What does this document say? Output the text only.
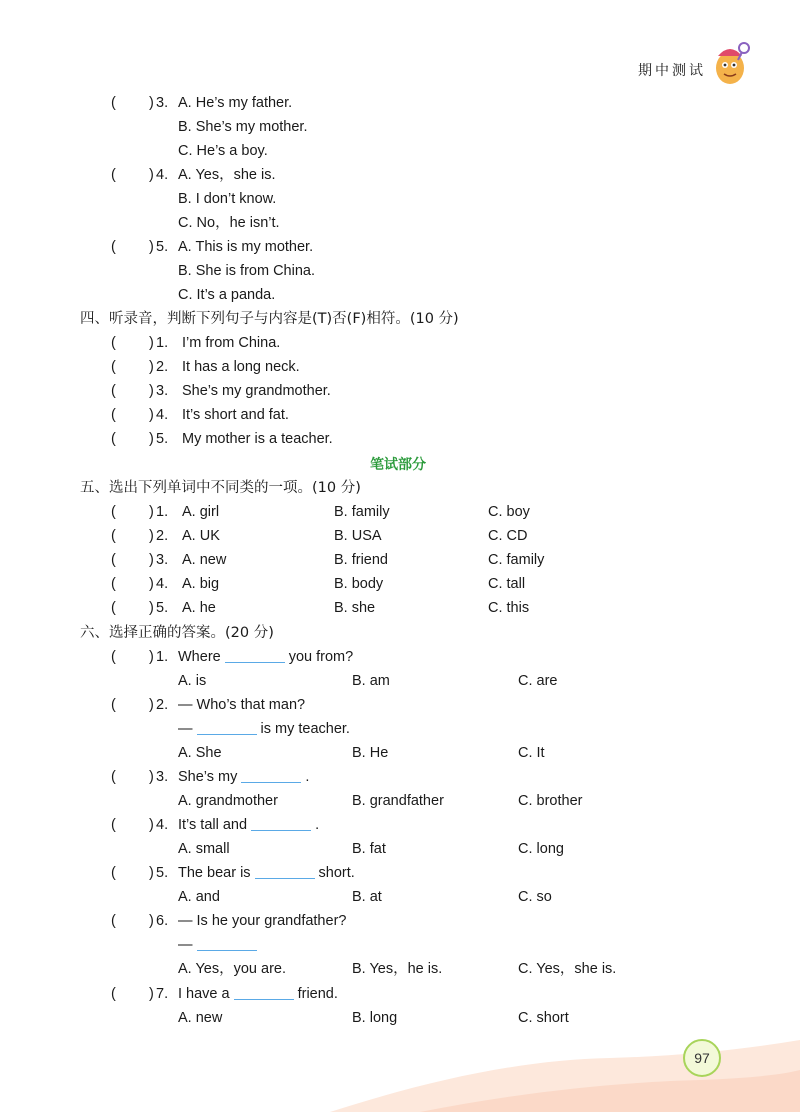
期中测试
( ) 3. A. He’s my father.
B. She’s my mother.
C. He’s a boy.
( ) 4. A. Yes，she is.
B. I don’t know.
C. No，he isn’t.
( ) 5. A. This is my mother.
B. She is from China.
C. It’s a panda.
四、听录音，判断下列句子与内容是(T)否(F)相符。(10 分)
( ) 1. I’m from China.
( ) 2. It has a long neck.
( ) 3. She’s my grandmother.
( ) 4. It’s short and fat.
( ) 5. My mother is a teacher.
笔试部分
五、选出下列单词中不同类的一项。(10 分)
( ) 1. A. girl	B. family	C. boy
( ) 2. A. UK	B. USA	C. CD
( ) 3. A. new	B. friend	C. family
( ) 4. A. big	B. body	C. tall
( ) 5. A. he	B. she	C. this
六、选择正确的答案。(20 分)
( ) 1. Where	you from?
A. is	B. am	C. are
( ) 2. — Who’s that man?
—	is my teacher.
A. She	B. He	C. It
( ) 3. She’s my	.
A. grandmother	B. grandfather	C. brother
( ) 4. It’s tall and	.
A. small	B. fat	C. long
( ) 5. The bear is	short.
A. and	B. at	C. so
( ) 6. — Is he your grandfather?
—
A. Yes，you are.	B. Yes，he is.	C. Yes，she is.
( ) 7. I have a	friend.
A. new	B. long	C. short
97
